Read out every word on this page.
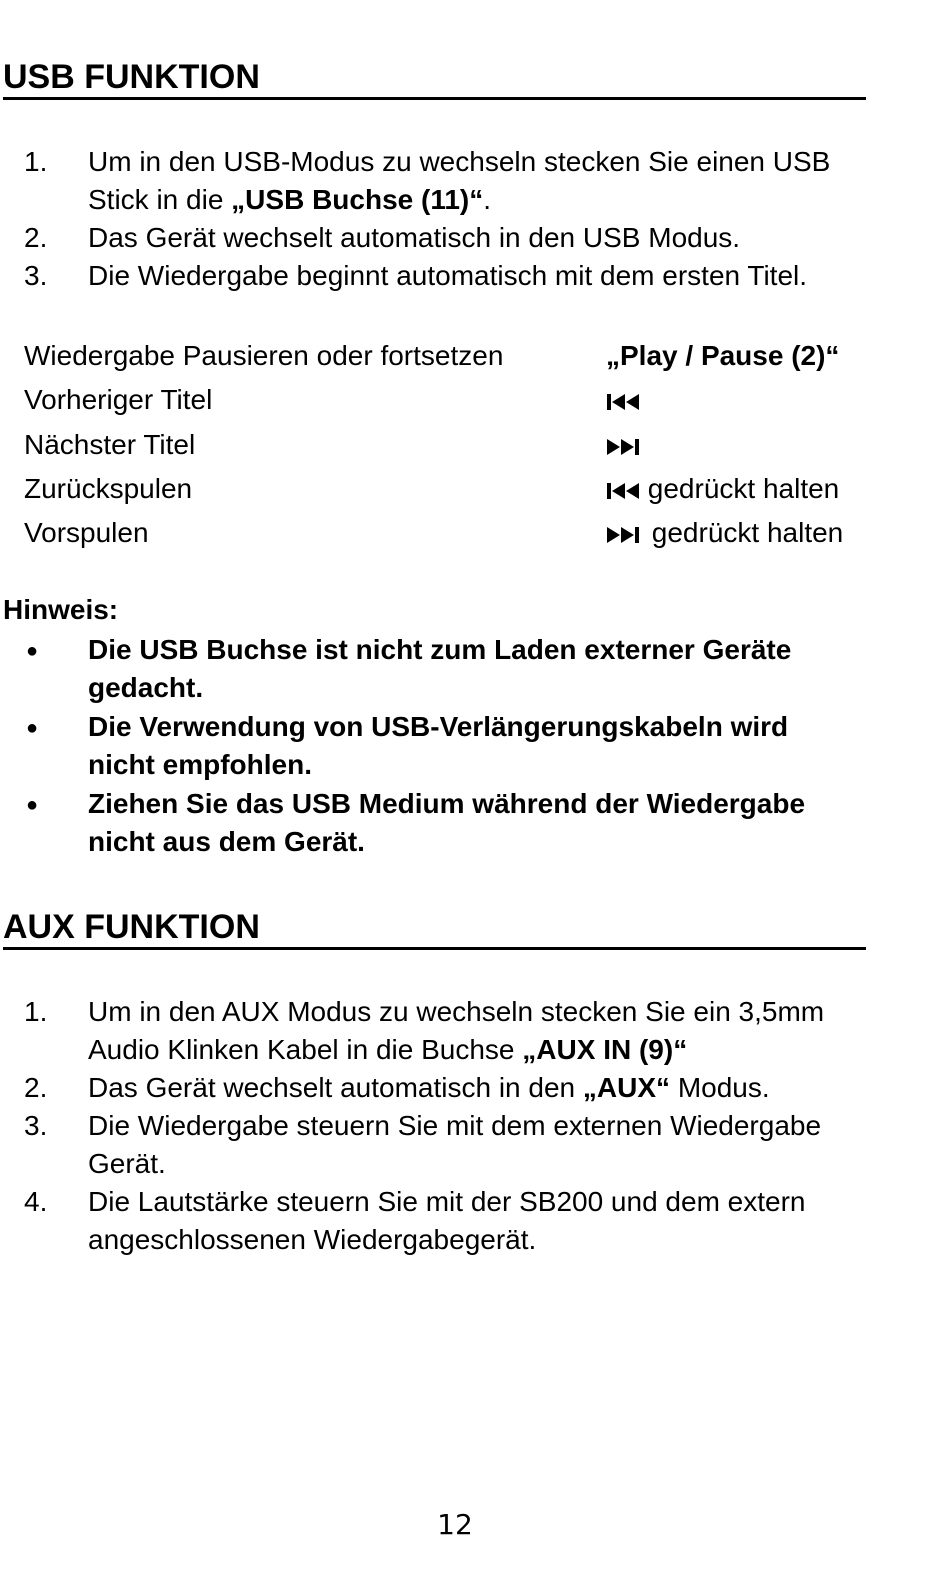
USB FUNKTION
1. Um in den USB-Modus zu wechseln stecken Sie einen USB
Stick in die „USB Buchse (11)“.
2. Das Gerät wechselt automatisch in den USB Modus.
3. Die Wiedergabe beginnt automatisch mit dem ersten Titel.
Wiedergabe Pausieren oder fortsetzen	„Play / Pause (2)“
Vorheriger Titel
Nächster Titel
Zurückspulen	gedrückt halten
Vorspulen	gedrückt halten
Hinweis:
● Die USB Buchse ist nicht zum Laden externer Geräte
gedacht.
● Die Verwendung von USB-Verlängerungskabeln wird
nicht empfohlen.
● Ziehen Sie das USB Medium während der Wiedergabe
nicht aus dem Gerät.
AUX FUNKTION
1. Um in den AUX Modus zu wechseln stecken Sie ein 3,5mm
Audio Klinken Kabel in die Buchse „AUX IN (9)“
2. Das Gerät wechselt automatisch in den „AUX“ Modus.
3. Die Wiedergabe steuern Sie mit dem externen Wiedergabe
Gerät.
4. Die Lautstärke steuern Sie mit der SB200 und dem extern
angeschlossenen Wiedergabegerät.
12
